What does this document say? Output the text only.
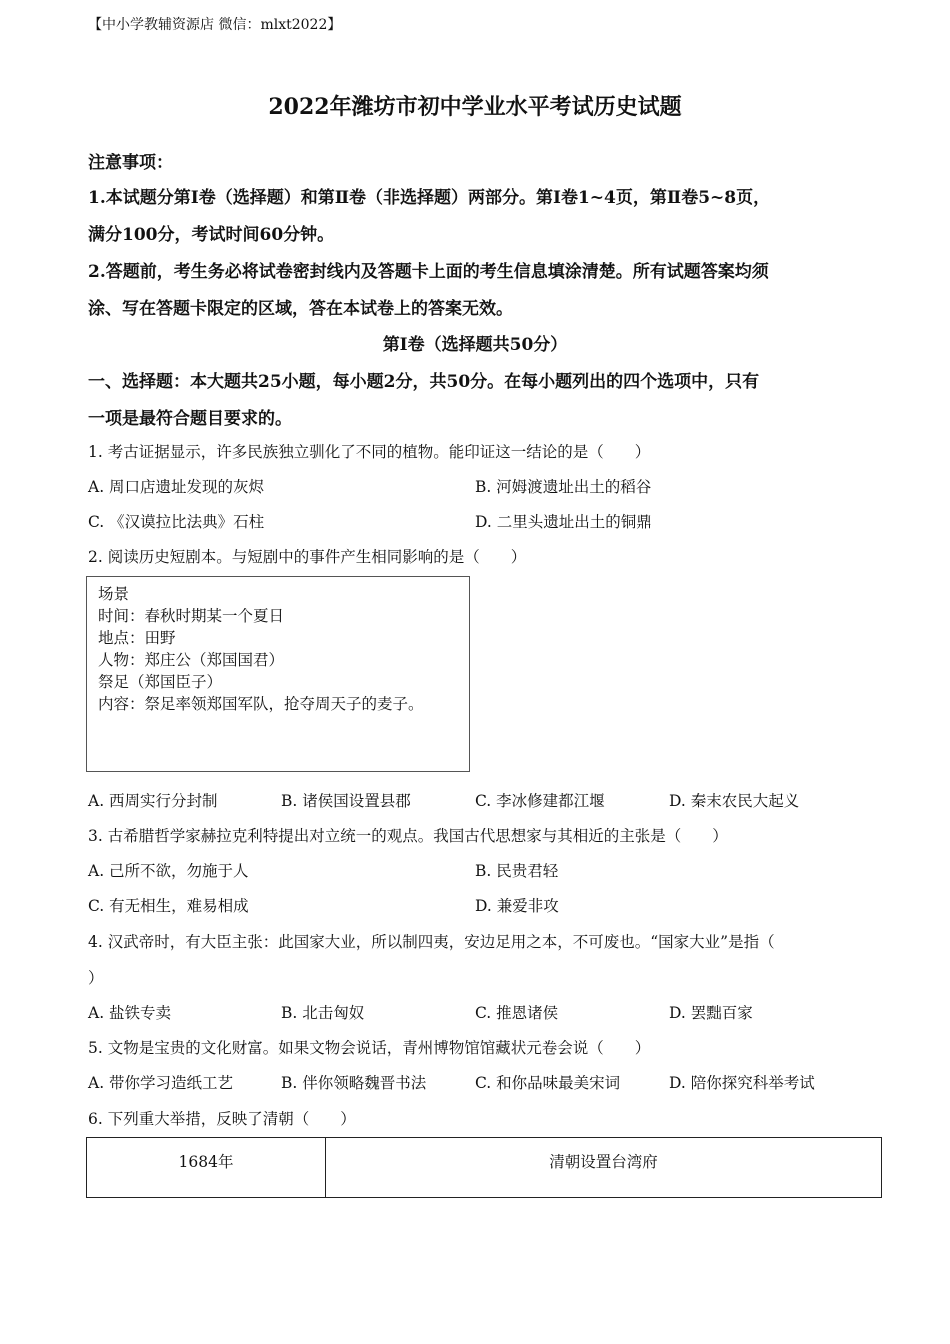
【中小学教辅资源店 微信：mlxt2022】
2022年潍坊市初中学业水平考试历史试题
注意事项：
1.本试题分第Ⅰ卷（选择题）和第Ⅱ卷（非选择题）两部分。第Ⅰ卷1~4页，第Ⅱ卷5~8页，
满分100分，考试时间60分钟。
2.答题前，考生务必将试卷密封线内及答题卡上面的考生信息填涂清楚。所有试题答案均须
涂、写在答题卡限定的区域，答在本试卷上的答案无效。
第Ⅰ卷（选择题共50分）
一、选择题：本大题共25小题，每小题2分，共50分。在每小题列出的四个选项中，只有
一项是最符合题目要求的。
1. 考古证据显示，许多民族独立驯化了不同的植物。能印证这一结论的是（　　）
A. 周口店遗址发现的灰烬	B. 河姆渡遗址出土的稻谷
C. 《汉谟拉比法典》石柱	D. 二里头遗址出土的铜鼎
2. 阅读历史短剧本。与短剧中的事件产生相同影响的是（　　）
场景
时间：春秋时期某一个夏日
地点：田野
人物：郑庄公（郑国国君）
祭足（郑国臣子）
内容：祭足率领郑国军队，抢夺周天子的麦子。
A. 西周实行分封制	B. 诸侯国设置县郡	C. 李冰修建都江堰	D. 秦末农民大起义
3. 古希腊哲学家赫拉克利特提出对立统一的观点。我国古代思想家与其相近的主张是（　　）
A. 己所不欲，勿施于人	B. 民贵君轻
C. 有无相生，难易相成	D. 兼爱非攻
4. 汉武帝时，有大臣主张：此国家大业，所以制四夷，安边足用之本，不可废也。“国家大业”是指（
）
A. 盐铁专卖	B. 北击匈奴	C. 推恩诸侯	D. 罢黜百家
5. 文物是宝贵的文化财富。如果文物会说话，青州博物馆馆藏状元卷会说（　　）
A. 带你学习造纸工艺	B. 伴你领略魏晋书法	C. 和你品味最美宋词	D. 陪你探究科举考试
6. 下列重大举措，反映了清朝（　　）
1684年	清朝设置台湾府
